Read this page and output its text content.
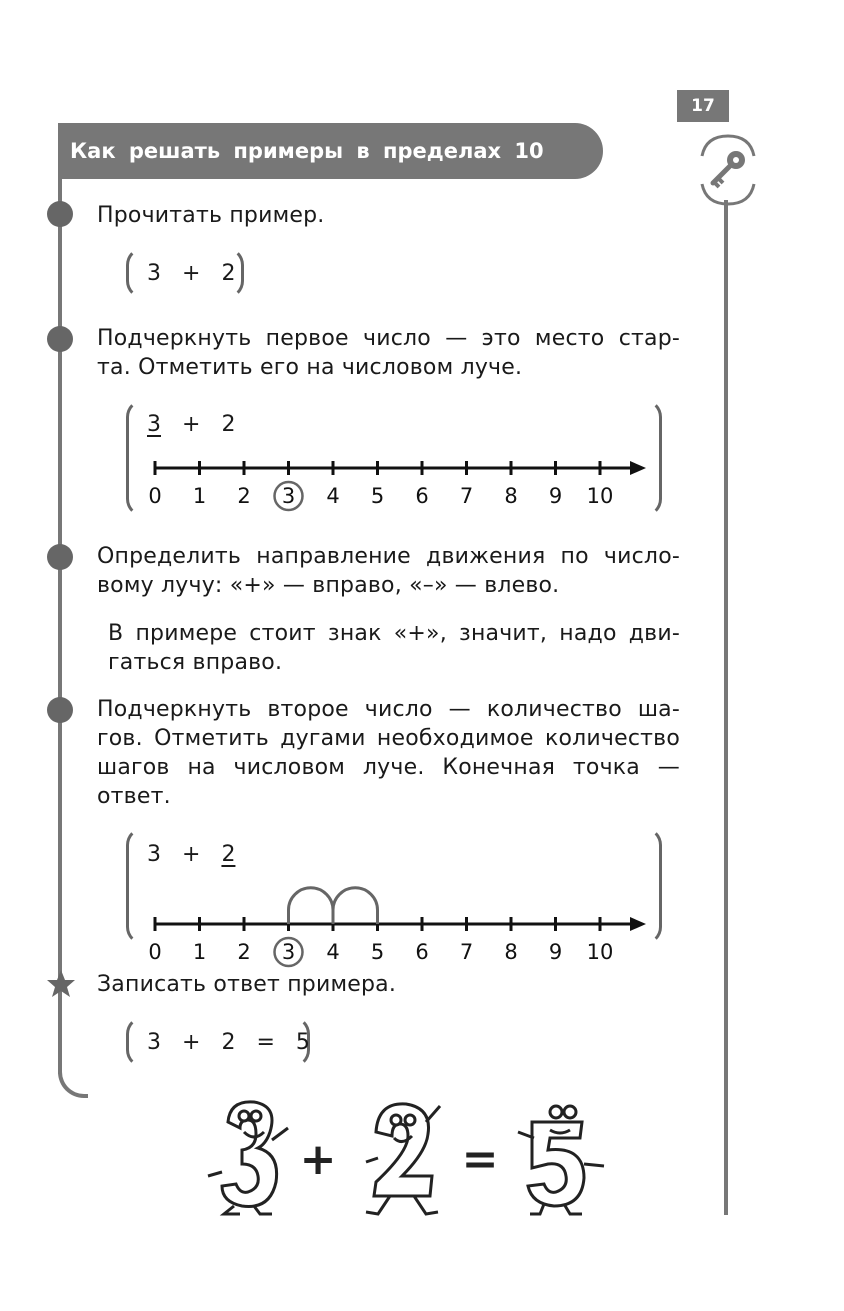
17
Как решать примеры в пределах 10
Прочитать пример.
3 + 2
Подчеркнуть первое число — это место стар-
та. Отметить его на числовом луче.
3 + 2
0 1 2 3 4 5 6 7 8 9 10
Определить направление движения по число-
вому лучу: «+» — вправо, «–» — влево.
В примере стоит знак «+», значит, надо дви-
гаться вправо.
Подчеркнуть второе число — количество ша-
гов. Отметить дугами необходимое количество
шагов на числовом луче. Конечная точка —
ответ.
3 + 2
0 1 2 3 4 5 6 7 8 9 10
Записать ответ примера.
3 + 2 = 5
+	=
